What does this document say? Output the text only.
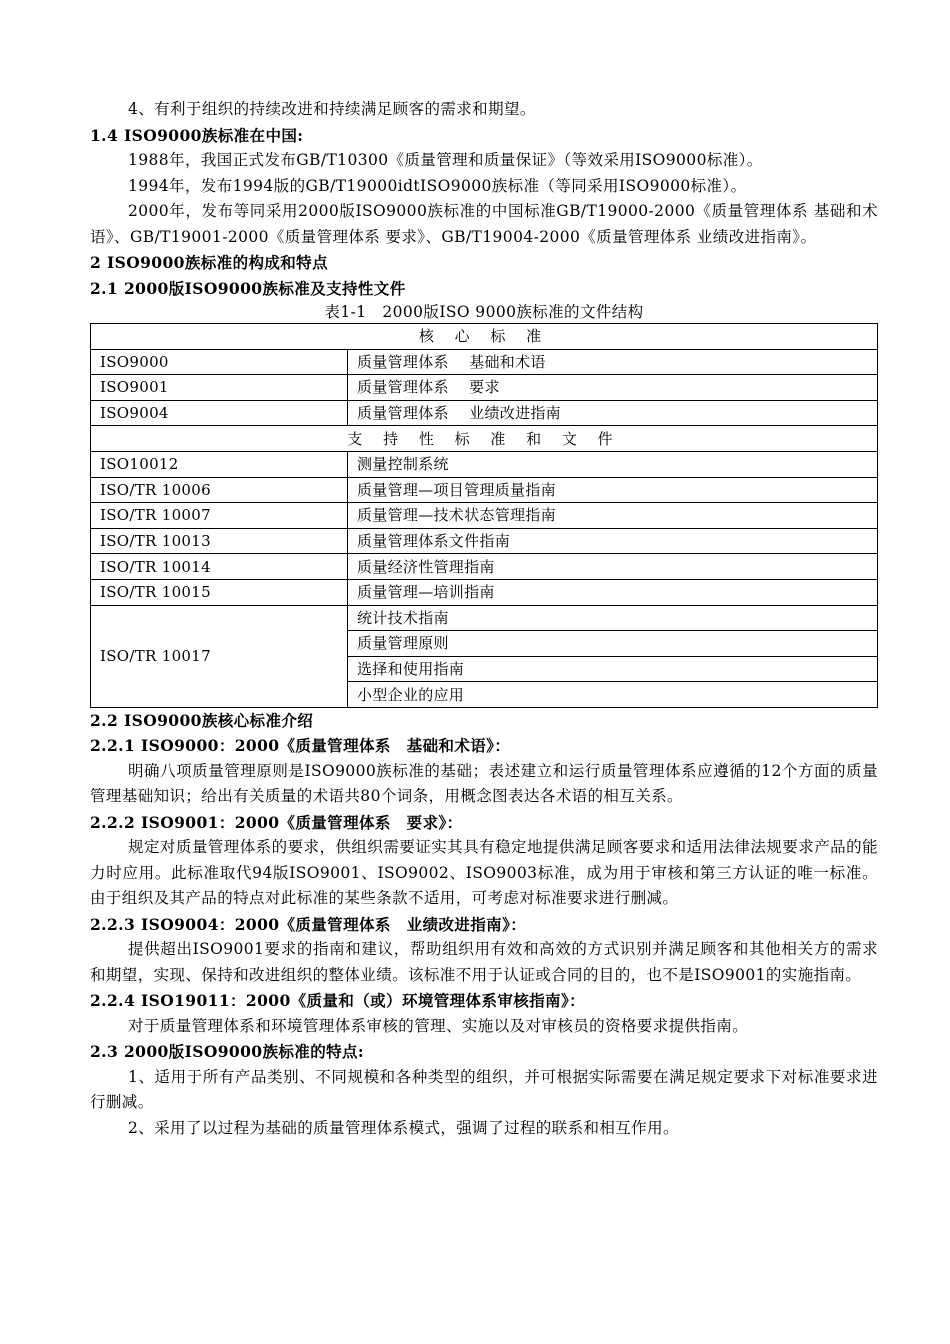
4、有利于组织的持续改进和持续满足顾客的需求和期望。

1.4 ISO9000族标准在中国:

1988年，我国正式发布GB/T10300《质量管理和质量保证》（等效采用ISO9000标准）。

1994年，发布1994版的GB/T19000idtISO9000族标准（等同采用ISO9000标准）。

2000年，发布等同采用2000版ISO9000族标准的中国标准GB/T19000-2000《质量管理体系 基础和术语》、GB/T19001-2000《质量管理体系 要求》、GB/T19004-2000《质量管理体系 业绩改进指南》。

2 ISO9000族标准的构成和特点

2.1 2000版ISO9000族标准及支持性文件

表1-1　2000版ISO 9000族标准的文件结构

核 心 标 准	
ISO9000	质量管理体系　 基础和术语
ISO9001	质量管理体系　 要求
ISO9004	质量管理体系　 业绩改进指南
支 持 性 标 准 和 文 件	
ISO10012	测量控制系统
ISO/TR 10006	质量管理—项目管理质量指南
ISO/TR 10007	质量管理—技术状态管理指南
ISO/TR 10013	质量管理体系文件指南
ISO/TR 10014	质量经济性管理指南
ISO/TR 10015	质量管理—培训指南
ISO/TR 10017	统计技术指南
	质量管理原则
	选择和使用指南
	小型企业的应用

2.2 ISO9000族核心标准介绍

2.2.1 ISO9000：2000《质量管理体系　基础和术语》：

明确八项质量管理原则是ISO9000族标准的基础；表述建立和运行质量管理体系应遵循的12个方面的质量管理基础知识；给出有关质量的术语共80个词条，用概念图表达各术语的相互关系。

2.2.2 ISO9001：2000《质量管理体系　要求》：

规定对质量管理体系的要求，供组织需要证实其具有稳定地提供满足顾客要求和适用法律法规要求产品的能力时应用。此标准取代94版ISO9001、ISO9002、ISO9003标准，成为用于审核和第三方认证的唯一标准。由于组织及其产品的特点对此标准的某些条款不适用，可考虑对标准要求进行删减。

2.2.3 ISO9004：2000《质量管理体系　业绩改进指南》：

提供超出ISO9001要求的指南和建议，帮助组织用有效和高效的方式识别并满足顾客和其他相关方的需求和期望，实现、保持和改进组织的整体业绩。该标准不用于认证或合同的目的，也不是ISO9001的实施指南。

2.2.4 ISO19011：2000《质量和（或）环境管理体系审核指南》：

对于质量管理体系和环境管理体系审核的管理、实施以及对审核员的资格要求提供指南。

2.3 2000版ISO9000族标准的特点:

1、适用于所有产品类别、不同规模和各种类型的组织，并可根据实际需要在满足规定要求下对标准要求进行删减。

2、采用了以过程为基础的质量管理体系模式，强调了过程的联系和相互作用。
